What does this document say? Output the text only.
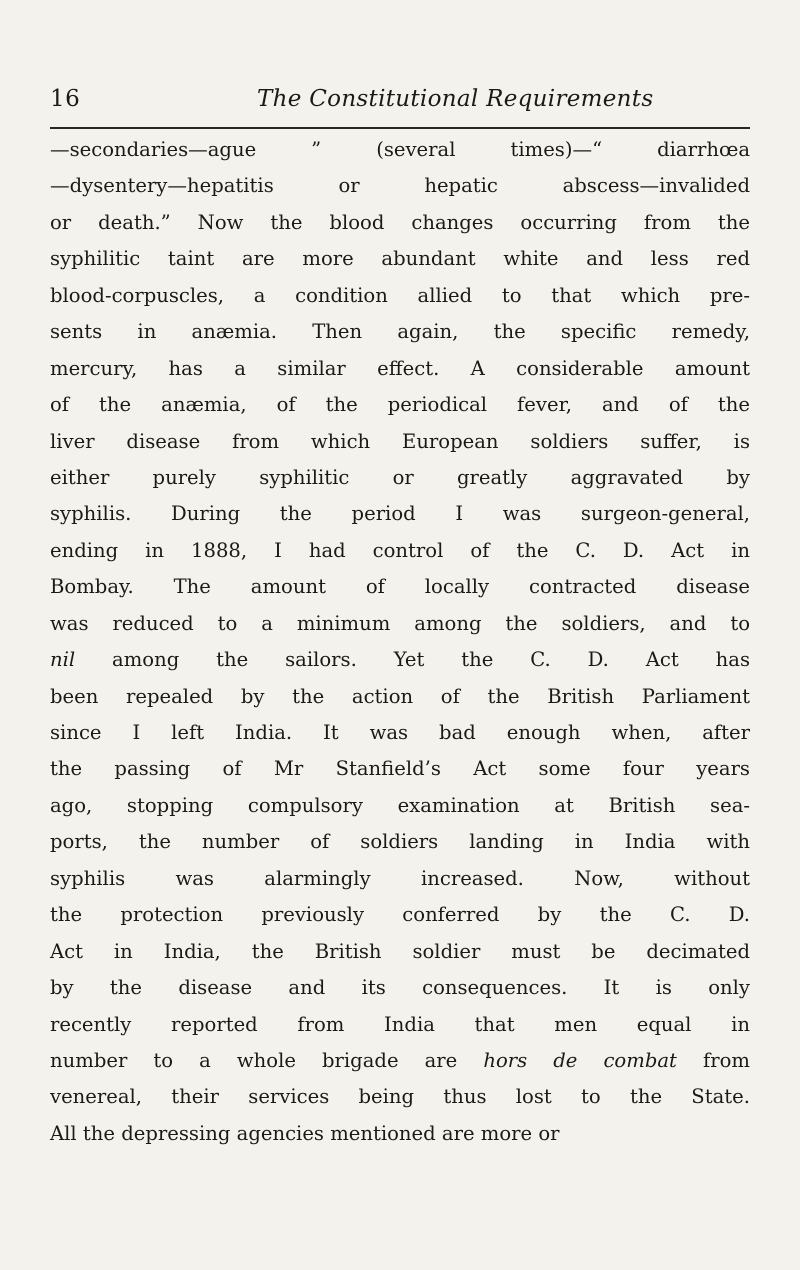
16	The Constitutional Requirements
—secondaries—ague ” (several times)—“ diarrhœa
—dysentery—hepatitis or hepatic abscess—invalided
or death.” Now the blood changes occurring from the
syphilitic taint are more abundant white and less red
blood-corpuscles, a condition allied to that which pre-
sents in anæmia. Then again, the specific remedy,
mercury, has a similar effect. A considerable amount
of the anæmia, of the periodical fever, and of the
liver disease from which European soldiers suffer, is
either purely syphilitic or greatly aggravated by
syphilis. During the period I was surgeon-general,
ending in 1888, I had control of the C. D. Act in
Bombay. The amount of locally contracted disease
was reduced to a minimum among the soldiers, and to
nil among the sailors. Yet the C. D. Act has
been repealed by the action of the British Parliament
since I left India. It was bad enough when, after
the passing of Mr Stanfield’s Act some four years
ago, stopping compulsory examination at British sea-
ports, the number of soldiers landing in India with
syphilis was alarmingly increased. Now, without
the protection previously conferred by the C. D.
Act in India, the British soldier must be decimated
by the disease and its consequences. It is only
recently reported from India that men equal in
number to a whole brigade are hors de combat from
venereal, their services being thus lost to the State.
All the depressing agencies mentioned are more or
